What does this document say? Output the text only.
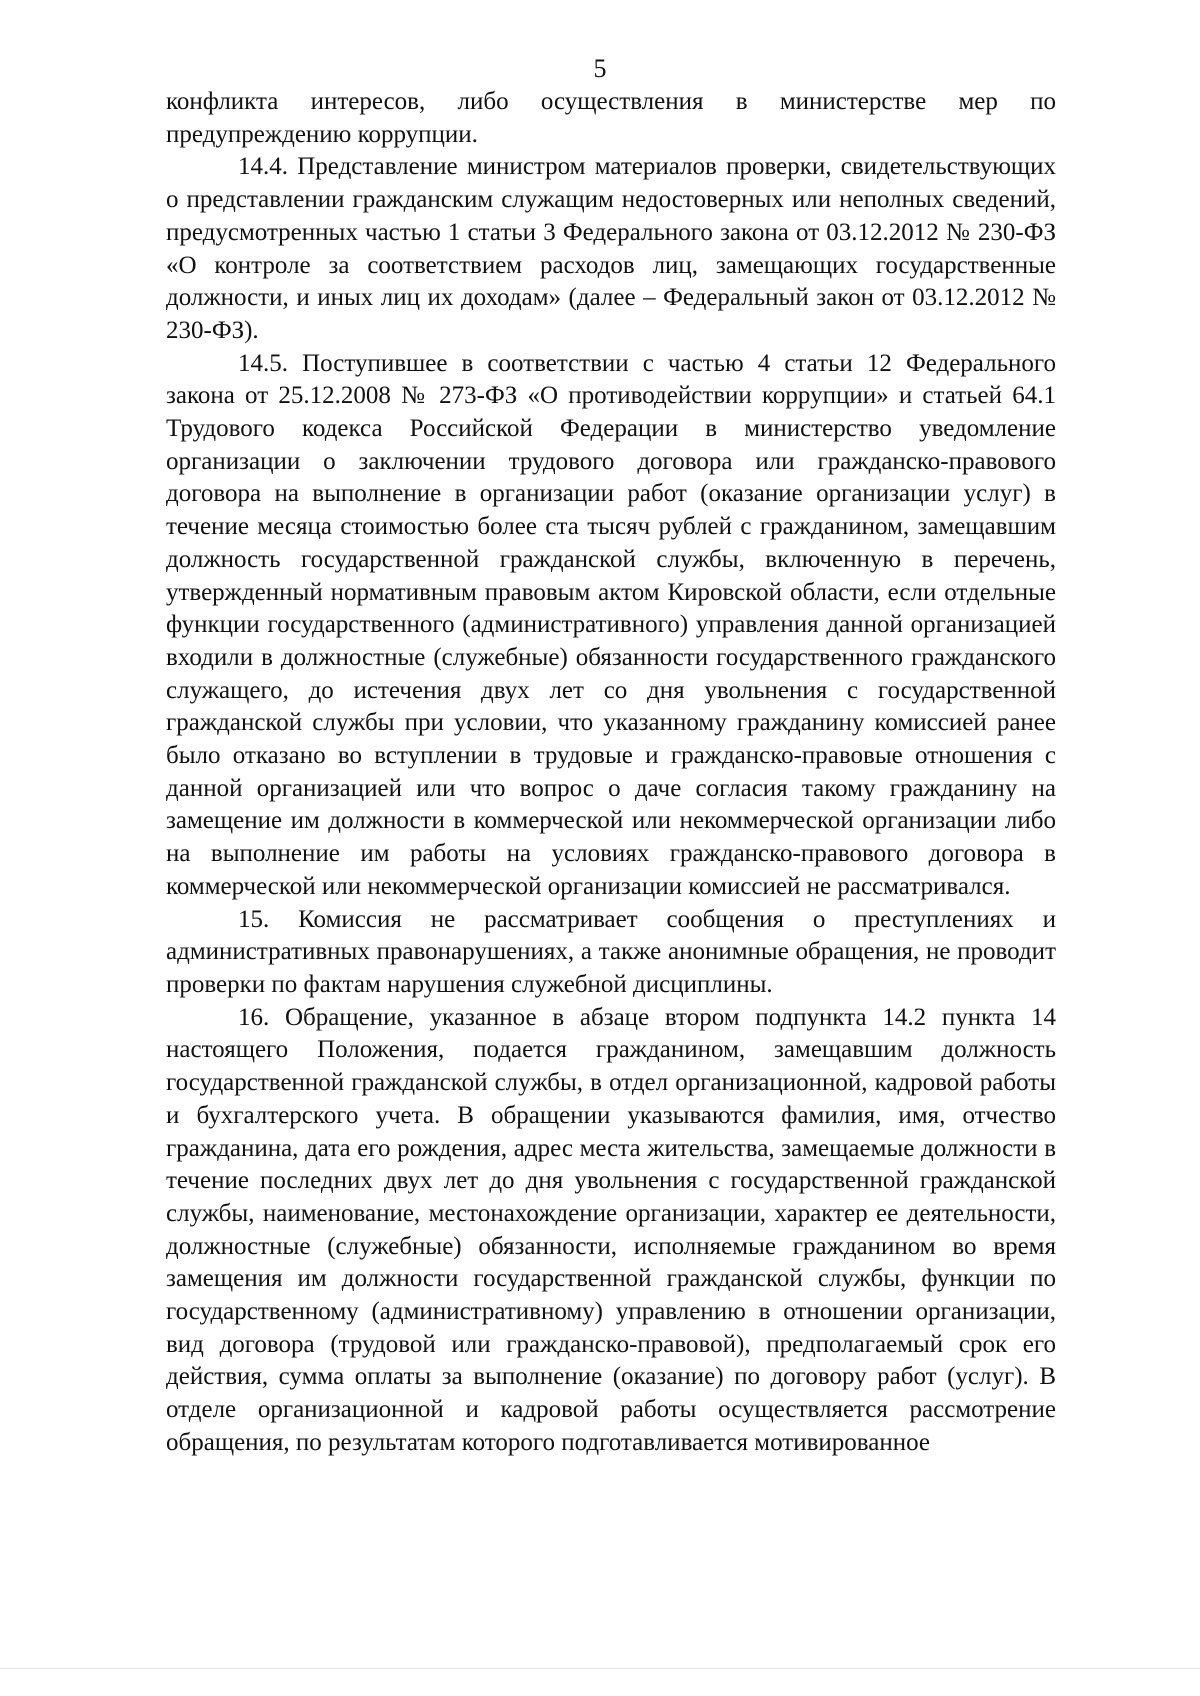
5

конфликта интересов, либо осуществления в министерстве мер по предупреждению коррупции.

14.4. Представление министром материалов проверки, свидетельствующих о представлении гражданским служащим недостоверных или неполных сведений, предусмотренных частью 1 статьи 3 Федерального закона от 03.12.2012 № 230-ФЗ «О контроле за соответствием расходов лиц, замещающих государственные должности, и иных лиц их доходам» (далее – Федеральный закон от 03.12.2012 № 230-ФЗ).

14.5. Поступившее в соответствии с частью 4 статьи 12 Федерального закона от 25.12.2008 № 273-ФЗ «О противодействии коррупции» и статьей 64.1 Трудового кодекса Российской Федерации в министерство уведомление организации о заключении трудового договора или гражданско-правового договора на выполнение в организации работ (оказание организации услуг) в течение месяца стоимостью более ста тысяч рублей с гражданином, замещавшим должность государственной гражданской службы, включенную в перечень, утвержденный нормативным правовым актом Кировской области, если отдельные функции государственного (административного) управления данной организацией входили в должностные (служебные) обязанности государственного гражданского служащего, до истечения двух лет со дня увольнения с государственной гражданской службы при условии, что указанному гражданину комиссией ранее было отказано во вступлении в трудовые и гражданско-правовые отношения с данной организацией или что вопрос о даче согласия такому гражданину на замещение им должности в коммерческой или некоммерческой организации либо на выполнение им работы на условиях гражданско-правового договора в коммерческой или некоммерческой организации комиссией не рассматривался.

15. Комиссия не рассматривает сообщения о преступлениях и административных правонарушениях, а также анонимные обращения, не проводит проверки по фактам нарушения служебной дисциплины.

16. Обращение, указанное в абзаце втором подпункта 14.2 пункта 14 настоящего Положения, подается гражданином, замещавшим должность государственной гражданской службы, в отдел организационной, кадровой работы и бухгалтерского учета. В обращении указываются фамилия, имя, отчество гражданина, дата его рождения, адрес места жительства, замещаемые должности в течение последних двух лет до дня увольнения с государственной гражданской службы, наименование, местонахождение организации, характер ее деятельности, должностные (служебные) обязанности, исполняемые гражданином во время замещения им должности государственной гражданской службы, функции по государственному (административному) управлению в отношении организации, вид договора (трудовой или гражданско-правовой), предполагаемый срок его действия, сумма оплаты за выполнение (оказание) по договору работ (услуг). В отделе организационной и кадровой работы осуществляется рассмотрение обращения, по результатам которого подготавливается мотивированное
